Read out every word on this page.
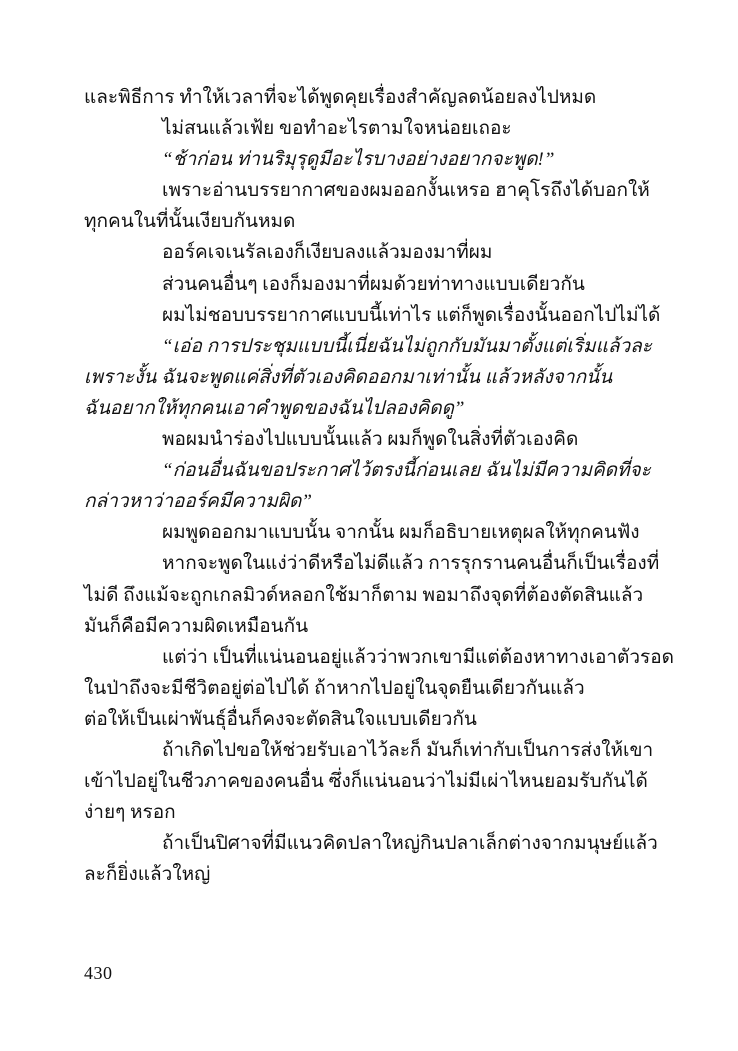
และพิธีการ ทำให้เวลาที่จะได้พูดคุยเรื่องสำคัญลดน้อยลงไปหมด

ไม่สนแล้วเฟ้ย ขอทำอะไรตามใจหน่อยเถอะ

“ช้าก่อน ท่านริมุรุดูมีอะไรบางอย่างอยากจะพูด!”

เพราะอ่านบรรยากาศของผมออกงั้นเหรอ ฮาคุโรถึงได้บอกให้

ทุกคนในที่นั้นเงียบกันหมด

ออร์คเจเนรัลเองก็เงียบลงแล้วมองมาที่ผม

ส่วนคนอื่นๆ เองก็มองมาที่ผมด้วยท่าทางแบบเดียวกัน

ผมไม่ชอบบรรยากาศแบบนี้เท่าไร แต่ก็พูดเรื่องนั้นออกไปไม่ได้

“เอ่อ การประชุมแบบนี้เนี่ยฉันไม่ถูกกับมันมาตั้งแต่เริ่มแล้วละ

เพราะงั้น ฉันจะพูดแค่สิ่งที่ตัวเองคิดออกมาเท่านั้น แล้วหลังจากนั้น

ฉันอยากให้ทุกคนเอาคำพูดของฉันไปลองคิดดู”

พอผมนำร่องไปแบบนั้นแล้ว ผมก็พูดในสิ่งที่ตัวเองคิด

“ก่อนอื่นฉันขอประกาศไว้ตรงนี้ก่อนเลย ฉันไม่มีความคิดที่จะ

กล่าวหาว่าออร์คมีความผิด”

ผมพูดออกมาแบบนั้น จากนั้น ผมก็อธิบายเหตุผลให้ทุกคนฟัง

หากจะพูดในแง่ว่าดีหรือไม่ดีแล้ว การรุกรานคนอื่นก็เป็นเรื่องที่

ไม่ดี ถึงแม้จะถูกเกลมิวด์หลอกใช้มาก็ตาม พอมาถึงจุดที่ต้องตัดสินแล้ว

มันก็คือมีความผิดเหมือนกัน

แต่ว่า เป็นที่แน่นอนอยู่แล้วว่าพวกเขามีแต่ต้องหาทางเอาตัวรอด

ในป่าถึงจะมีชีวิตอยู่ต่อไปได้ ถ้าหากไปอยู่ในจุดยืนเดียวกันแล้ว

ต่อให้เป็นเผ่าพันธุ์อื่นก็คงจะตัดสินใจแบบเดียวกัน

ถ้าเกิดไปขอให้ช่วยรับเอาไว้ละก็ มันก็เท่ากับเป็นการส่งให้เขา

เข้าไปอยู่ในชีวภาคของคนอื่น ซึ่งก็แน่นอนว่าไม่มีเผ่าไหนยอมรับกันได้

ง่ายๆ หรอก

ถ้าเป็นปิศาจที่มีแนวคิดปลาใหญ่กินปลาเล็กต่างจากมนุษย์แล้ว

ละก็ยิ่งแล้วใหญ่

430
